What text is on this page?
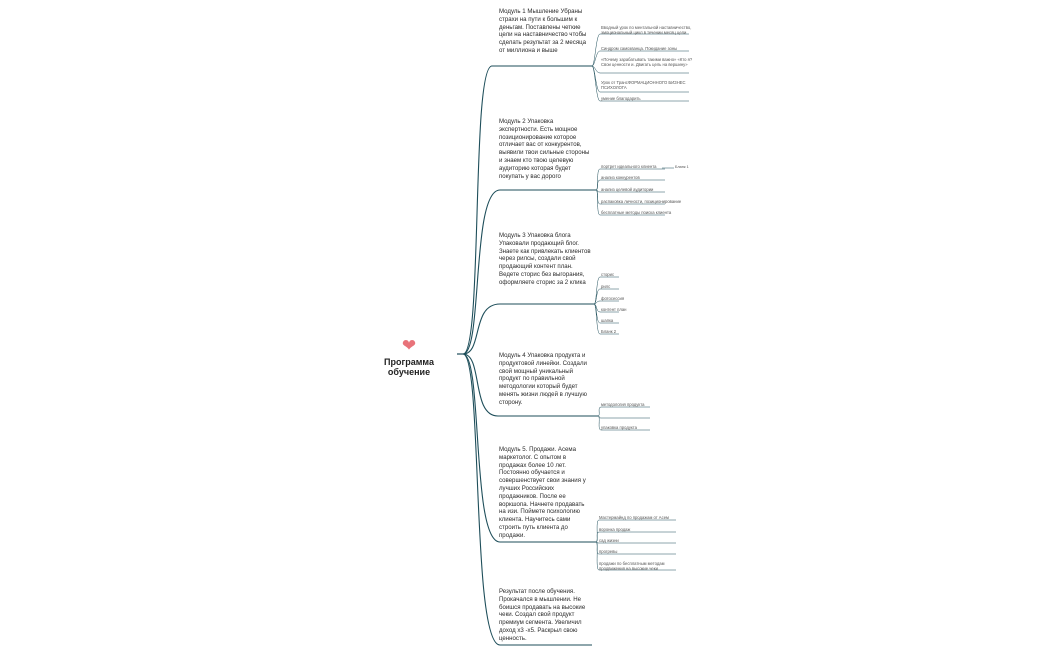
❤
Программа обучение
Модуль 1 Мышление Убраны страхи на пути к большим к деньгам. Поставлены четкие цели на наставничество чтобы сделать результат за 2 месяца от миллиона и выше
Модуль 2 Упаковка экспертности. Есть мощное позиционирование которое отличает вас от конкурентов, выявили твои сильные стороны и знаем кто твою целевую аудиторию которая будет покупать у вас дорого
Модуль 3 Упаковка блога Упаковали продающий блог. Знаете как привлекать клиентов через рилсы, создали свой продающий контент план. Ведете сторис без выгорания, оформляете сторис за 2 клика
Модуль 4 Упаковка продукта и продуктовой линейки. Создали свой мощный уникальный продукт по правильной методологии который будет менять жизни людей в лучшую сторону.
Модуль 5. Продажи. Асема маркетолог. С опытом в продажах более 10 лет. Постоянно обучается и совершенствует свои знания у лучших Российских продажников. После ее воркшопа. Начнете продавать на изи. Поймете психологию клиента. Научитесь сами строить путь клиента до продажи.
Результат после обучения. Прокачался в мышлении. Не боишся продавать на высокие чеки. Создал свой продукт премиум сегмента. Увеличил доход x3 -x5. Раскрыл свою ценность.
Вводный урок по ментальной наставничество, эмоциональный цикл в течении месяц цели
Синдром самозванца. Покидание зоны
«Почему зарабатывать такими важно» «Кто я? Свои ценности и. Двигать цель на вершину»
Урок от ТрансФОРМАЦИОННОГО БИЗНЕС ПСИХОЛОГА
умение благодарить
портрет идеального клиента	Бланк 1
анализ конкурентов
анализ целевой аудитории
распаковка личности, позиционирование
бесплатные методы поиска клиента
сторис
рилс
фотосессия
контент план
шапка
Бланк 2
методология продукта
упаковка продукта
Мастермайнд по продажам от Асем
воронка продаж
сад жизни
прогревы
продажи по бесплатным методам продвижения на высокие чеки
